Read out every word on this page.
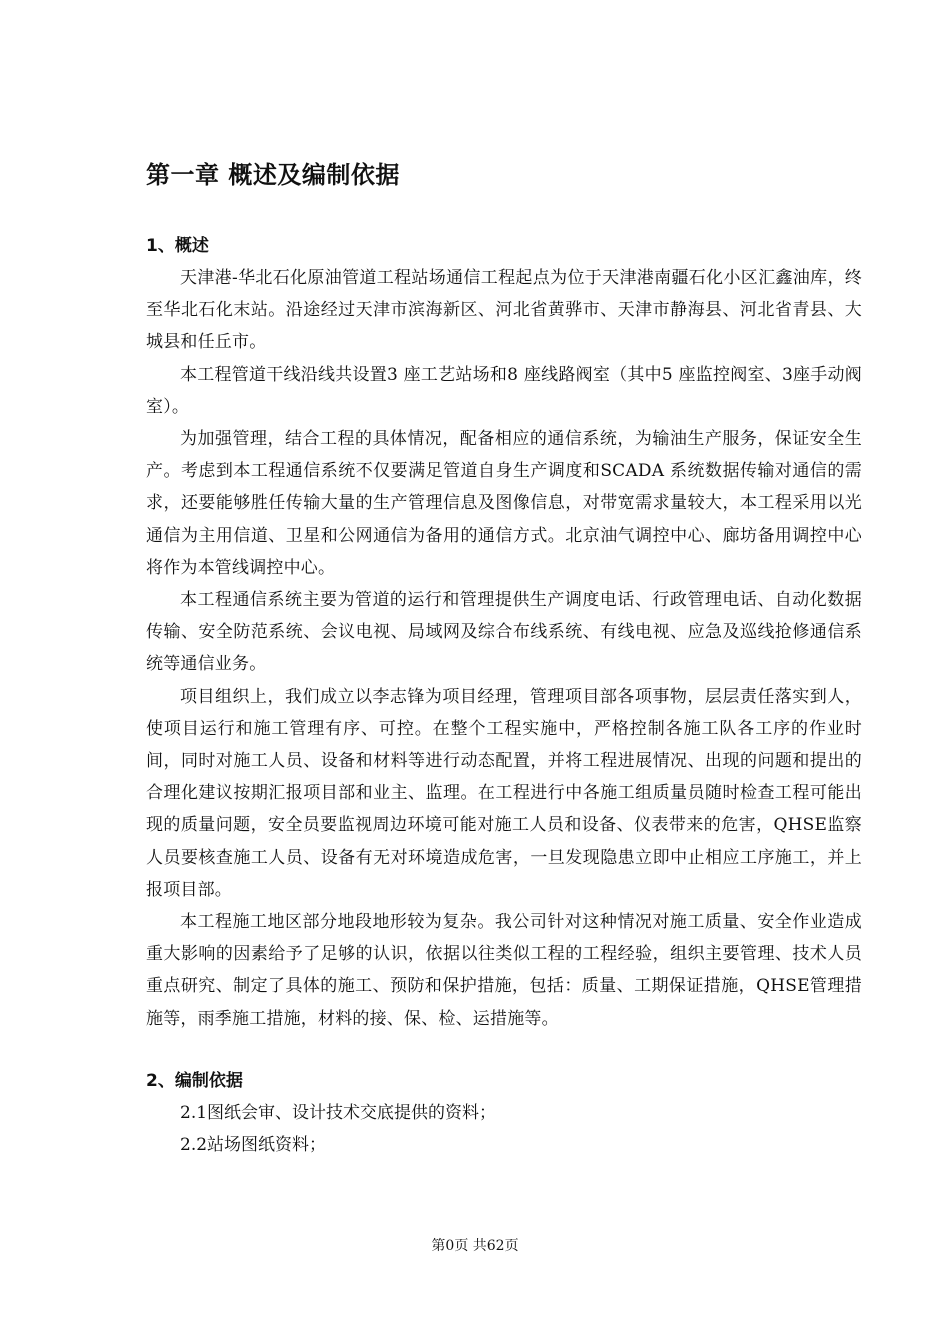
第一章 概述及编制依据
1、概述

天津港-华北石化原油管道工程站场通信工程起点为位于天津港南疆石化小区汇鑫油库，终至华北石化末站。沿途经过天津市滨海新区、河北省黄骅市、天津市静海县、河北省青县、大城县和任丘市。

本工程管道干线沿线共设置3 座工艺站场和8 座线路阀室（其中5 座监控阀室、3座手动阀室）。

为加强管理，结合工程的具体情况，配备相应的通信系统，为输油生产服务，保证安全生产。考虑到本工程通信系统不仅要满足管道自身生产调度和SCADA 系统数据传输对通信的需求，还要能够胜任传输大量的生产管理信息及图像信息，对带宽需求量较大，本工程采用以光通信为主用信道、卫星和公网通信为备用的通信方式。北京油气调控中心、廊坊备用调控中心将作为本管线调控中心。

本工程通信系统主要为管道的运行和管理提供生产调度电话、行政管理电话、自动化数据传输、安全防范系统、会议电视、局域网及综合布线系统、有线电视、应急及巡线抢修通信系统等通信业务。

项目组织上，我们成立以李志锋为项目经理，管理项目部各项事物，层层责任落实到人，使项目运行和施工管理有序、可控。在整个工程实施中，严格控制各施工队各工序的作业时间，同时对施工人员、设备和材料等进行动态配置，并将工程进展情况、出现的问题和提出的合理化建议按期汇报项目部和业主、监理。在工程进行中各施工组质量员随时检查工程可能出现的质量问题，安全员要监视周边环境可能对施工人员和设备、仪表带来的危害，QHSE监察人员要核查施工人员、设备有无对环境造成危害，一旦发现隐患立即中止相应工序施工，并上报项目部。

本工程施工地区部分地段地形较为复杂。我公司针对这种情况对施工质量、安全作业造成重大影响的因素给予了足够的认识，依据以往类似工程的工程经验，组织主要管理、技术人员重点研究、制定了具体的施工、预防和保护措施，包括：质量、工期保证措施，QHSE管理措施等，雨季施工措施，材料的接、保、检、运措施等。

2、编制依据

2.1图纸会审、设计技术交底提供的资料；

2.2站场图纸资料；

第0页 共62页
